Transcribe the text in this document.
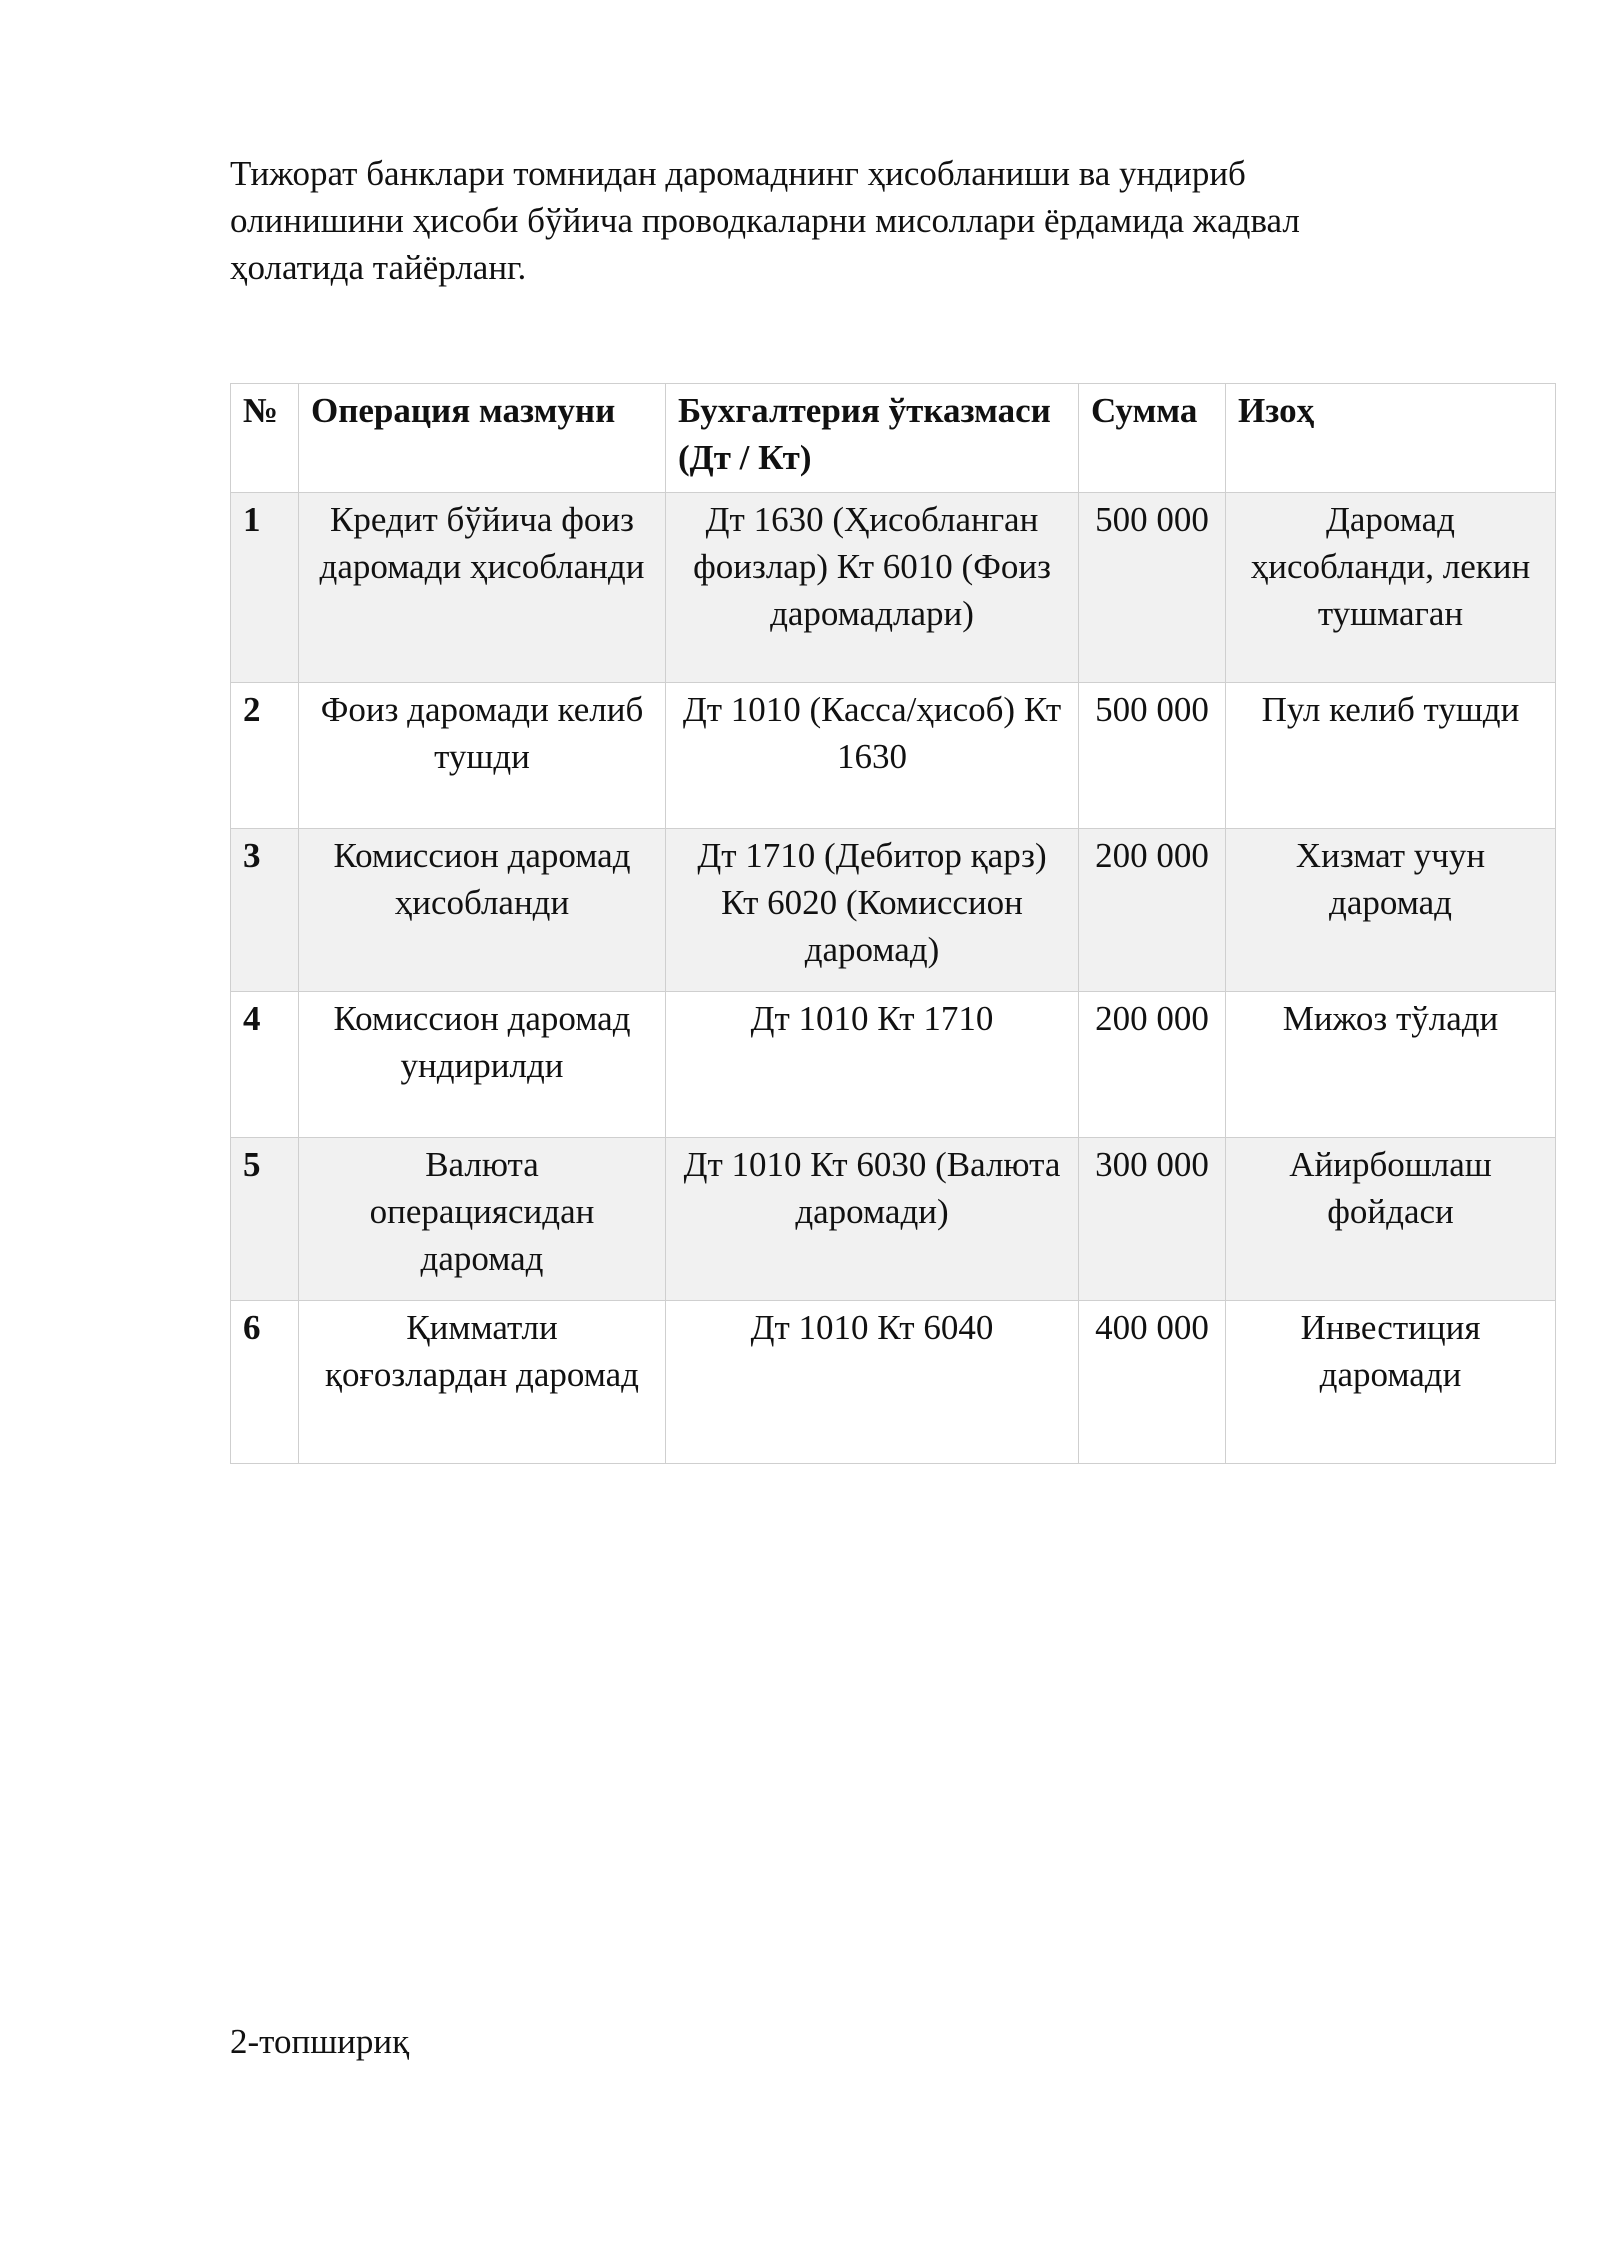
Тижорат банклари томнидан даромаднинг ҳисобланиши ва ундириб

олинишини ҳисоби бўйича проводкаларни мисоллари ёрдамида жадвал

ҳолатида тайёрланг.

№	Операция мазмуни	Бухгалтерия ўтказмаси (Дт / Кт)	Сумма	Изоҳ
1	Кредит бўйича фоиз даромади ҳисобланди	Дт 1630 (Ҳисобланган фоизлар) Кт 6010 (Фоиз даромадлари)	500 000	Даромад ҳисобланди, лекин тушмаган
2	Фоиз даромади келиб тушди	Дт 1010 (Касса/ҳисоб) Кт 1630	500 000	Пул келиб тушди
3	Комиссион даромад ҳисобланди	Дт 1710 (Дебитор қарз) Кт 6020 (Комиссион даромад)	200 000	Хизмат учун даромад
4	Комиссион даромад ундирилди	Дт 1010 Кт 1710	200 000	Мижоз тўлади
5	Валюта операциясидан даромад	Дт 1010 Кт 6030 (Валюта даромади)	300 000	Айирбошлаш фойдаси
6	Қимматли қоғозлардан даромад	Дт 1010 Кт 6040	400 000	Инвестиция даромади
2-топшириқ
